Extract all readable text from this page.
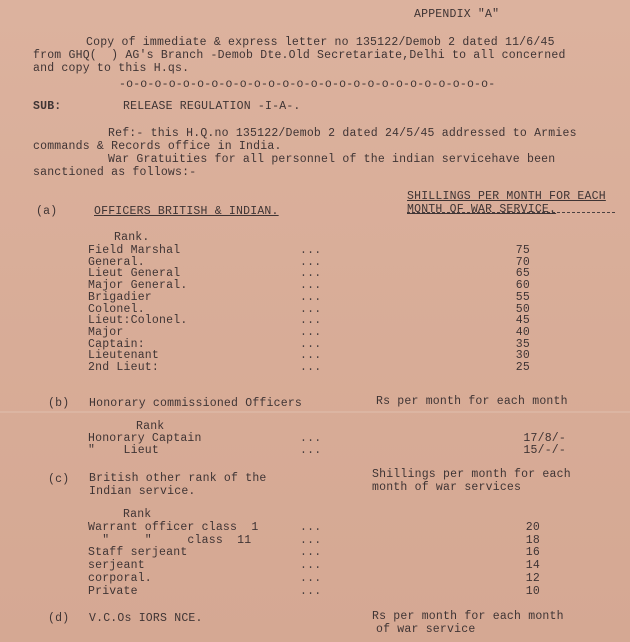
APPENDIX "A"
Copy of immediate & express letter no 135122/Demob 2 dated 11/6/45
from GHQ(  ) AG's Branch -Demob Dte.Old Secretariate,Delhi to all concerned
and copy to this H.qs.
-o-o-o-o-o-o-o-o-o-o-o-o-o-o-o-o-o-o-o-o-o-o-o-o-o-o-
SUB:	RELEASE REGULATION -I-A-.
Ref:- this H.Q.no 135122/Demob 2 dated 24/5/45 addressed to Armies
commands & Records office in India.
War Gratuities for all personnel of the indian servicehave been
sanctioned as follows:-
(a)	OFFICERS BRITISH & INDIAN.
SHILLINGS PER MONTH FOR EACH
MONTH OF WAR SERVICE.
Rank.
Field Marshal	...	75
General.	...	70
Lieut General	...	65
Major General.	...	60
Brigadier	...	55
Colonel.	...	50
Lieut:Colonel.	...	45
Major	...	40
Captain:	...	35
Lieutenant	...	30
2nd Lieut:	...	25
(b) Honorary commissioned Officers	Rs per month for each month
Rank
Honorary Captain	...	17/8/-
"    Lieut	...	15/-/-
(c) British other rank of the
Indian service.
Shillings per month for each
month of war services
Rank
Warrant officer class  1	...	20
"     "     class  11	...	18
Staff serjeant	...	16
serjeant	...	14
corporal.	...	12
Private	...	10
(d) V.C.Os IORS NCE.	Rs per month for each month
of war service
